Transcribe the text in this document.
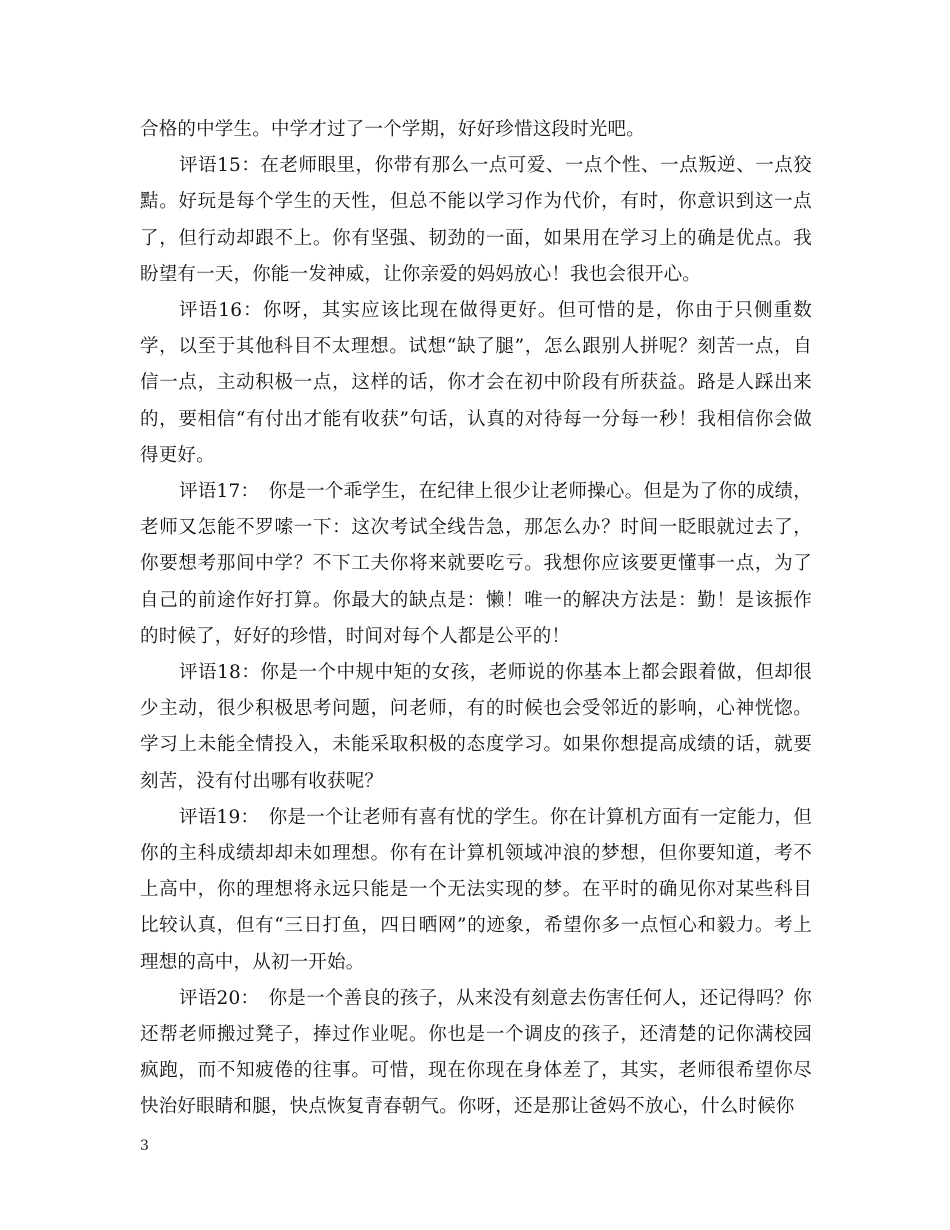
合格的中学生。中学才过了一个学期，好好珍惜这段时光吧。

评语15：在老师眼里，你带有那么一点可爱、一点个性、一点叛逆、一点狡黠。好玩是每个学生的天性，但总不能以学习作为代价，有时，你意识到这一点了，但行动却跟不上。你有坚强、韧劲的一面，如果用在学习上的确是优点。我盼望有一天，你能一发神威，让你亲爱的妈妈放心！我也会很开心。

评语16：你呀，其实应该比现在做得更好。但可惜的是，你由于只侧重数学，以至于其他科目不太理想。试想“缺了腿”，怎么跟别人拼呢？刻苦一点，自信一点，主动积极一点，这样的话，你才会在初中阶段有所获益。路是人踩出来的，要相信“有付出才能有收获”句话，认真的对待每一分每一秒！我相信你会做得更好。

评语17：　你是一个乖学生，在纪律上很少让老师操心。但是为了你的成绩，老师又怎能不罗嗦一下：这次考试全线告急，那怎么办？时间一眨眼就过去了，你要想考那间中学？不下工夫你将来就要吃亏。我想你应该要更懂事一点，为了自己的前途作好打算。你最大的缺点是：懒！唯一的解决方法是：勤！是该振作的时候了，好好的珍惜，时间对每个人都是公平的！

评语18：你是一个中规中矩的女孩，老师说的你基本上都会跟着做，但却很少主动，很少积极思考问题，问老师，有的时候也会受邻近的影响，心神恍惚。学习上未能全情投入，未能采取积极的态度学习。如果你想提高成绩的话，就要刻苦，没有付出哪有收获呢？

评语19：　你是一个让老师有喜有忧的学生。你在计算机方面有一定能力，但你的主科成绩却却未如理想。你有在计算机领域冲浪的梦想，但你要知道，考不上高中，你的理想将永远只能是一个无法实现的梦。在平时的确见你对某些科目比较认真，但有“三日打鱼，四日晒网”的迹象，希望你多一点恒心和毅力。考上理想的高中，从初一开始。

评语20：　你是一个善良的孩子，从来没有刻意去伤害任何人，还记得吗？你还帮老师搬过凳子，捧过作业呢。你也是一个调皮的孩子，还清楚的记你满校园疯跑，而不知疲倦的往事。可惜，现在你现在身体差了，其实，老师很希望你尽快治好眼睛和腿，快点恢复青春朝气。你呀，还是那让爸妈不放心，什么时候你

3
